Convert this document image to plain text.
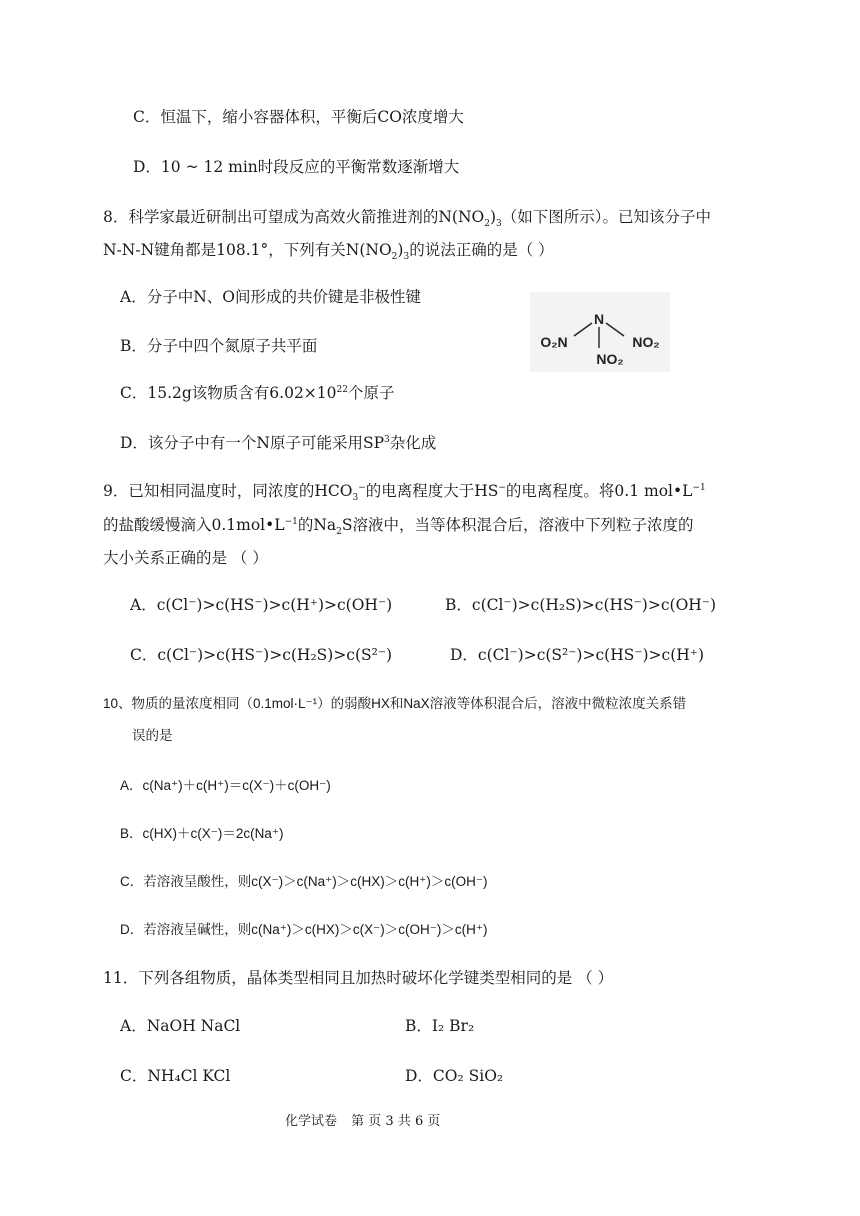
C．恒温下，缩小容器体积，平衡后CO浓度增大
D．10 ~ 12 min时段反应的平衡常数逐渐增大
8．科学家最近研制出可望成为高效火箭推进剂的$N(NO_2)_3$（如下图所示）。已知该分子中
N-N-N键角都是108.1°，下列有关$N(NO_2)_3$的说法正确的是（ ）
A．分子中N、O间形成的共价键是非极性键
B．分子中四个氮原子共平面
C．15.2g该物质含有$6.02\times 10^{22}$个原子
D．该分子中有一个N原子可能采用$SP^3$杂化成
N
O₂N	NO₂
NO₂
9．已知相同温度时，同浓度的$HCO_3^-$的电离程度大于HS−的电离程度。将0.1 $mol•L^{-1}$
的盐酸缓慢滴入$0.1mol•L^{-1}$的$Na_2S$溶液中，当等体积混合后，溶液中下列粒子浓度的
大小关系正确的是 （ ）
A．c(Cl⁻)>c(HS⁻)>c(H⁺)>c(OH⁻)	B．c(Cl⁻)>c(H₂S)>c(HS⁻)>c(OH⁻)
C．c(Cl⁻)>c(HS⁻)>c(H₂S)>c(S²⁻)	D．c(Cl⁻)>c(S²⁻)>c(HS⁻)>c(H⁺)
10、物质的量浓度相同（0.1mol·L⁻¹）的弱酸HX和NaX溶液等体积混合后，溶液中微粒浓度关系错
误的是
A．c(Na⁺)＋c(H⁺)＝c(X⁻)＋c(OH⁻)
B．c(HX)＋c(X⁻)＝2c(Na⁺)
C．若溶液呈酸性，则c(X⁻)＞c(Na⁺)＞c(HX)＞c(H⁺)＞c(OH⁻)
D．若溶液呈碱性，则c(Na⁺)＞c(HX)＞c(X⁻)＞c(OH⁻)＞c(H⁺)
11．下列各组物质，晶体类型相同且加热时破坏化学键类型相同的是 （ ）
A．NaOH NaCl	B．I₂ Br₂
C．NH₄Cl KCl	D．CO₂ SiO₂
化学试卷 第 页 3 共 6 页
